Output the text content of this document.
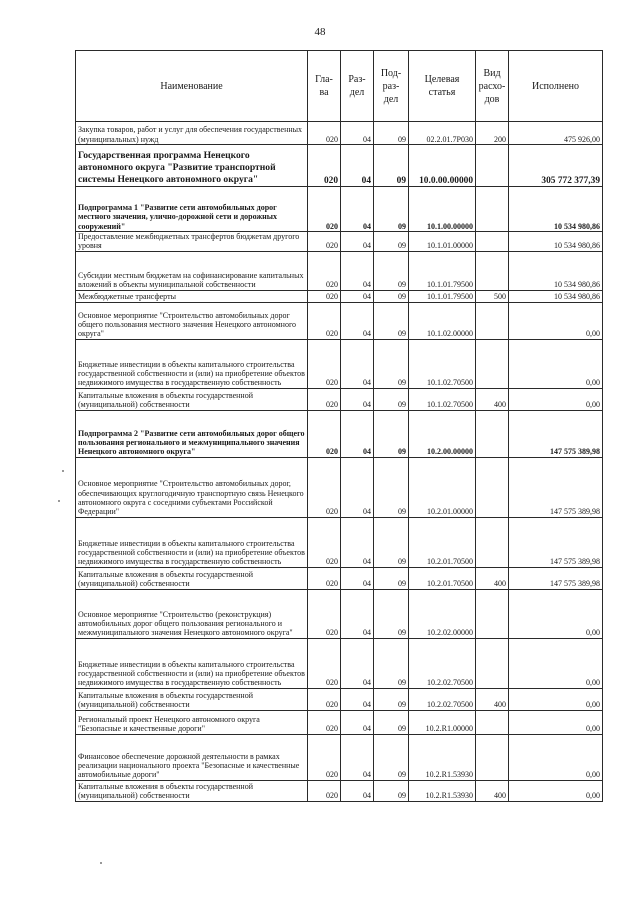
48
Наименование	Гла- ва	Раз- дел	Под- раз- дел	Целевая статья	Вид расхо- дов	Исполнено
Закупка товаров, работ и услуг для обеспечения государственных (муниципальных) нужд	020	04	09	02.2.01.7Р030	200	475 926,00
Государственная программа Ненецкого автономного округа "Развитие транспортной системы Ненецкого автономного округа"	020	04	09	10.0.00.00000		305 772 377,39
Подпрограмма 1 "Развитие сети автомобильных дорог местного значения, улично-дорожной сети и дорожных сооружений"	020	04	09	10.1.00.00000		10 534 980,86
Предоставление межбюджетных трансфертов бюджетам другого уровня	020	04	09	10.1.01.00000		10 534 980,86
Субсидии местным бюджетам на софинансирование капитальных вложений в объекты муниципальной собственности	020	04	09	10.1.01.79500		10 534 980,86
Межбюджетные трансферты	020	04	09	10.1.01.79500	500	10 534 980,86
Основное мероприятие "Строительство автомобильных дорог общего пользования местного значения Ненецкого автономного округа"	020	04	09	10.1.02.00000		0,00
Бюджетные инвестиции в объекты капитального строительства государственной собственности и (или) на приобретение объектов недвижимого имущества в государственную собственность	020	04	09	10.1.02.70500		0,00
Капитальные вложения в объекты государственной (муниципальной) собственности	020	04	09	10.1.02.70500	400	0,00
Подпрограмма 2 "Развитие сети автомобильных дорог общего пользования регионального и межмуниципального значения Ненецкого автономного округа"	020	04	09	10.2.00.00000		147 575 389,98
Основное мероприятие "Строительство автомобильных дорог, обеспечивающих круглогодичную транспортную связь Ненецкого автономного округа с соседними субъектами Российской Федерации"	020	04	09	10.2.01.00000		147 575 389,98
Бюджетные инвестиции в объекты капитального строительства государственной собственности и (или) на приобретение объектов недвижимого имущества в государственную собственность	020	04	09	10.2.01.70500		147 575 389,98
Капитальные вложения в объекты государственной (муниципальной) собственности	020	04	09	10.2.01.70500	400	147 575 389,98
Основное мероприятие "Строительство (реконструкция) автомобильных дорог общего пользования регионального и межмуниципального значения Ненецкого автономного округа"	020	04	09	10.2.02.00000		0,00
Бюджетные инвестиции в объекты капитального строительства государственной собственности и (или) на приобретение объектов недвижимого имущества в государственную собственность	020	04	09	10.2.02.70500		0,00
Капитальные вложения в объекты государственной (муниципальной) собственности	020	04	09	10.2.02.70500	400	0,00
Региональный проект Ненецкого автономного округа "Безопасные и качественные дороги"	020	04	09	10.2.R1.00000		0,00
Финансовое обеспечение дорожной деятельности в рамках реализации национального проекта "Безопасные и качественные автомобильные дороги"	020	04	09	10.2.R1.53930		0,00
Капитальные вложения в объекты государственной (муниципальной) собственности	020	04	09	10.2.R1.53930	400	0,00
